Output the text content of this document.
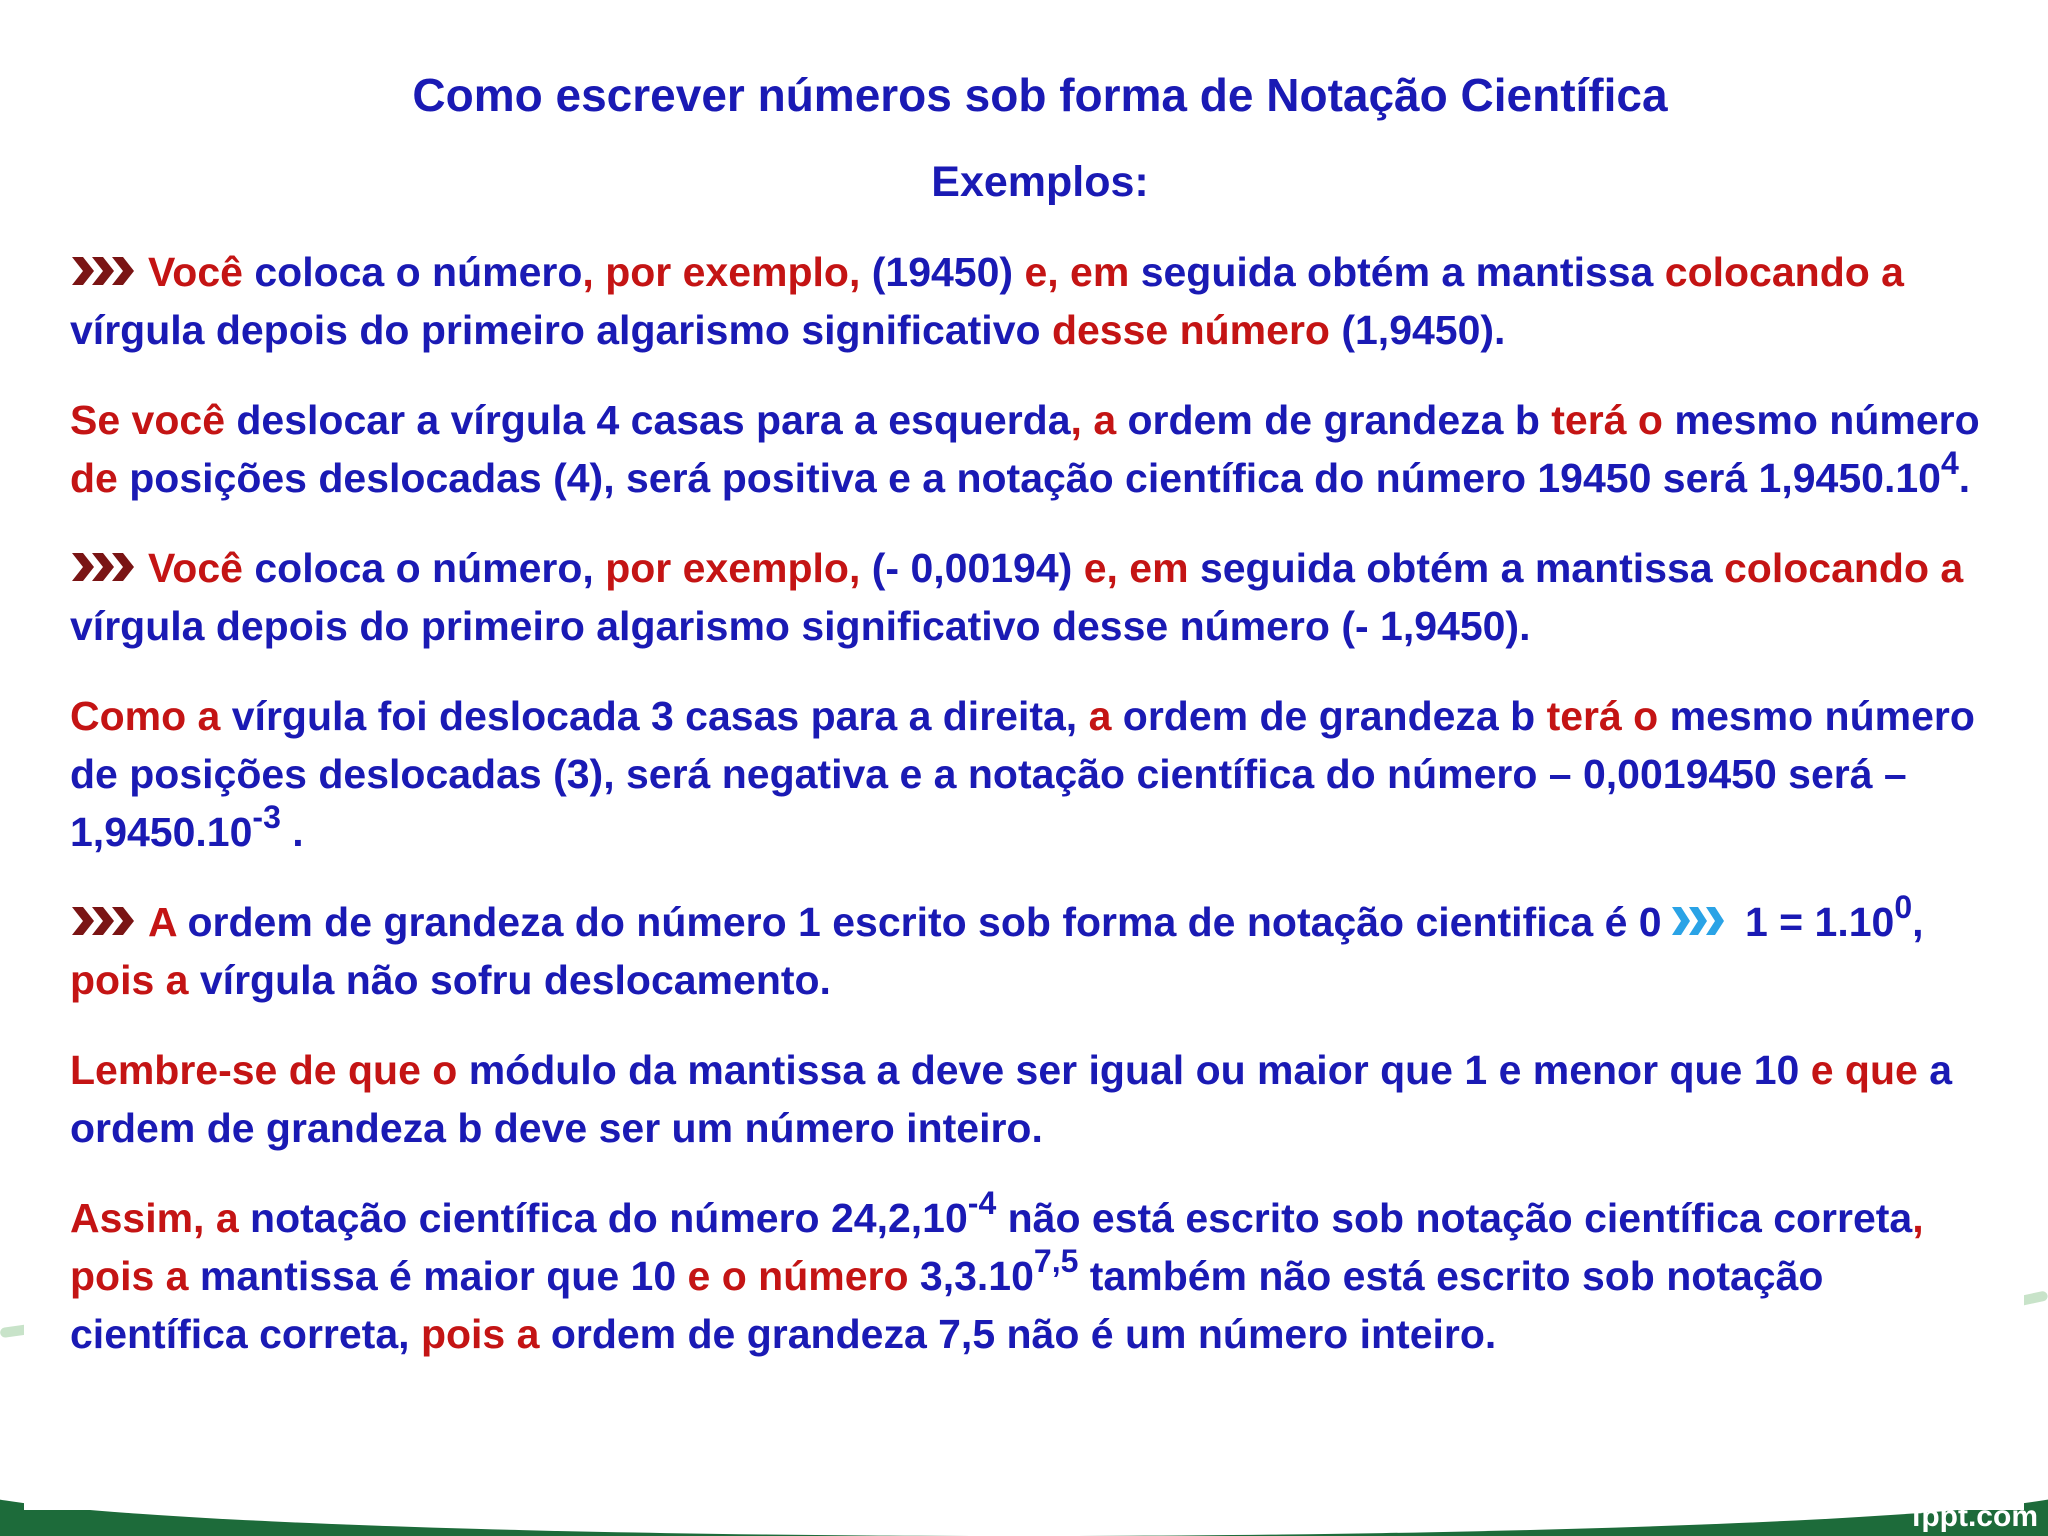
fppt.com
Como escrever números sob forma de Notação Científica
Exemplos:

Você coloca o número, por exemplo, (19450) e, em seguida obtém a mantissa colocando a vírgula depois do primeiro algarismo significativo desse número (1,9450).

Se você deslocar a vírgula 4 casas para a esquerda, a ordem de grandeza b terá o mesmo número de posições deslocadas (4), será positiva e a notação científica do número 19450 será 1,9450.10$^4$.

Você coloca o número, por exemplo, (- 0,00194) e, em seguida obtém a mantissa colocando a vírgula depois do primeiro algarismo significativo desse número (- 1,9450).

Como a vírgula foi deslocada 3 casas para a direita, a ordem de grandeza b terá o mesmo número de posições deslocadas (3), será negativa e a notação científica do número – 0,0019450 será – $1,9450.10^{-3}$ .

A ordem de grandeza do número 1 escrito sob forma de notação cientifica é 0 $1 = 1.10^0$, pois a vírgula não sofru deslocamento.

Lembre-se de que o módulo da mantissa a deve ser igual ou maior que 1 e menor que 10 e que a ordem de grandeza b deve ser um número inteiro.

Assim, a notação científica do número $24,2,10^{-4}$ não está escrito sob notação científica correta, pois a mantissa é maior que 10 e o número 3,3.10$^{7,5}$ também não está escrito sob notação científica correta, pois a ordem de grandeza 7,5 não é um número inteiro.
